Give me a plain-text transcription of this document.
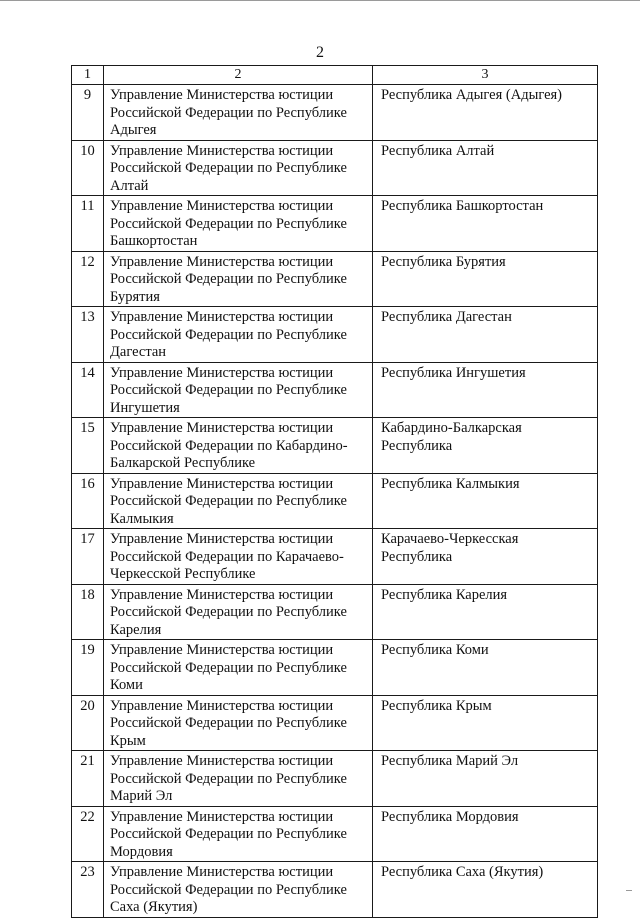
2
1	2	3
9	Управление Министерства юстиции
Российской Федерации по Республике
Адыгея	Республика Адыгея (Адыгея)
10	Управление Министерства юстиции
Российской Федерации по Республике
Алтай	Республика Алтай
11	Управление Министерства юстиции
Российской Федерации по Республике
Башкортостан	Республика Башкортостан
12	Управление Министерства юстиции
Российской Федерации по Республике
Бурятия	Республика Бурятия
13	Управление Министерства юстиции
Российской Федерации по Республике
Дагестан	Республика Дагестан
14	Управление Министерства юстиции
Российской Федерации по Республике
Ингушетия	Республика Ингушетия
15	Управление Министерства юстиции
Российской Федерации по Кабардино-
Балкарской Республике	Кабардино-Балкарская
Республика
16	Управление Министерства юстиции
Российской Федерации по Республике
Калмыкия	Республика Калмыкия
17	Управление Министерства юстиции
Российской Федерации по Карачаево-
Черкесской Республике	Карачаево-Черкесская
Республика
18	Управление Министерства юстиции
Российской Федерации по Республике
Карелия	Республика Карелия
19	Управление Министерства юстиции
Российской Федерации по Республике
Коми	Республика Коми
20	Управление Министерства юстиции
Российской Федерации по Республике
Крым	Республика Крым
21	Управление Министерства юстиции
Российской Федерации по Республике
Марий Эл	Республика Марий Эл
22	Управление Министерства юстиции
Российской Федерации по Республике
Мордовия	Республика Мордовия
23	Управление Министерства юстиции
Российской Федерации по Республике
Саха (Якутия)	Республика Саха (Якутия)
